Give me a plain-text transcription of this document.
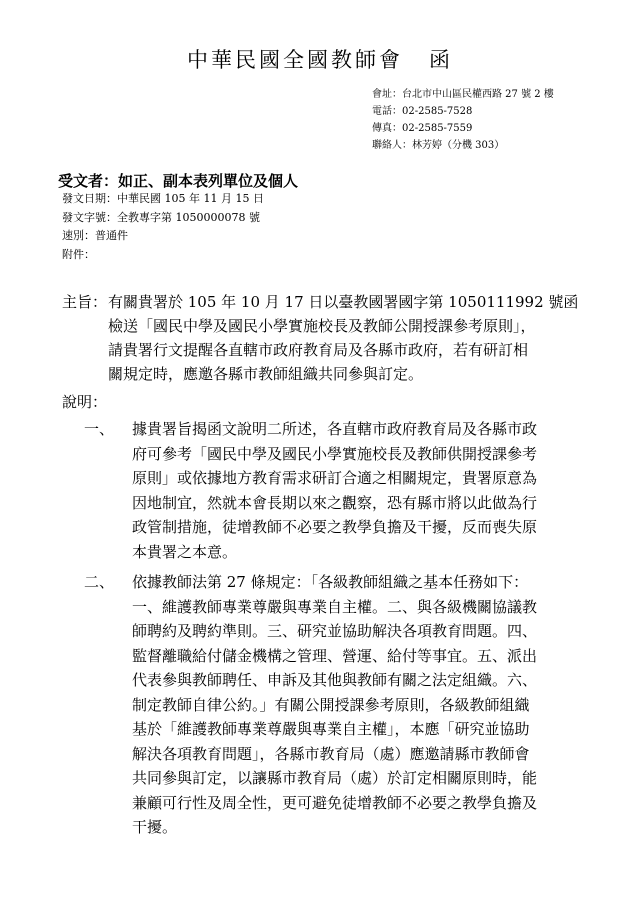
中華民國全國教師會 函
會址：台北市中山區民權西路 27 號 2 樓
電話：02-2585-7528
傳真：02-2585-7559
聯絡人：林芳婷（分機 303）
受文者：如正、副本表列單位及個人
發文日期：中華民國 105 年 11 月 15 日
發文字號：全教專字第 1050000078 號
速別：普通件
附件：
主旨： 有關貴署於 105 年 10 月 17 日以臺教國署國字第 1050111992 號函
檢送「國民中學及國民小學實施校長及教師公開授課參考原則」，
請貴署行文提醒各直轄市政府教育局及各縣市政府，若有研訂相
關規定時，應邀各縣市教師組織共同參與訂定。
說明：
一、	據貴署旨揭函文說明二所述，各直轄市政府教育局及各縣市政
府可參考「國民中學及國民小學實施校長及教師供開授課參考
原則」或依據地方教育需求研訂合適之相關規定，貴署原意為
因地制宜，然就本會長期以來之觀察，恐有縣市將以此做為行
政管制措施，徒增教師不必要之教學負擔及干擾，反而喪失原
本貴署之本意。
二、	依據教師法第 27 條規定：「各級教師組織之基本任務如下：
一、維護教師專業尊嚴與專業自主權。二、與各級機關協議教
師聘約及聘約準則。三、研究並協助解決各項教育問題。四、
監督離職給付儲金機構之管理、營運、給付等事宜。五、派出
代表參與教師聘任、申訴及其他與教師有關之法定組織。六、
制定教師自律公約。」有關公開授課參考原則，各級教師組織
基於「維護教師專業尊嚴與專業自主權」，本應「研究並協助
解決各項教育問題」，各縣市教育局（處）應邀請縣市教師會
共同參與訂定，以讓縣市教育局（處）於訂定相關原則時，能
兼顧可行性及周全性，更可避免徒增教師不必要之教學負擔及
干擾。
